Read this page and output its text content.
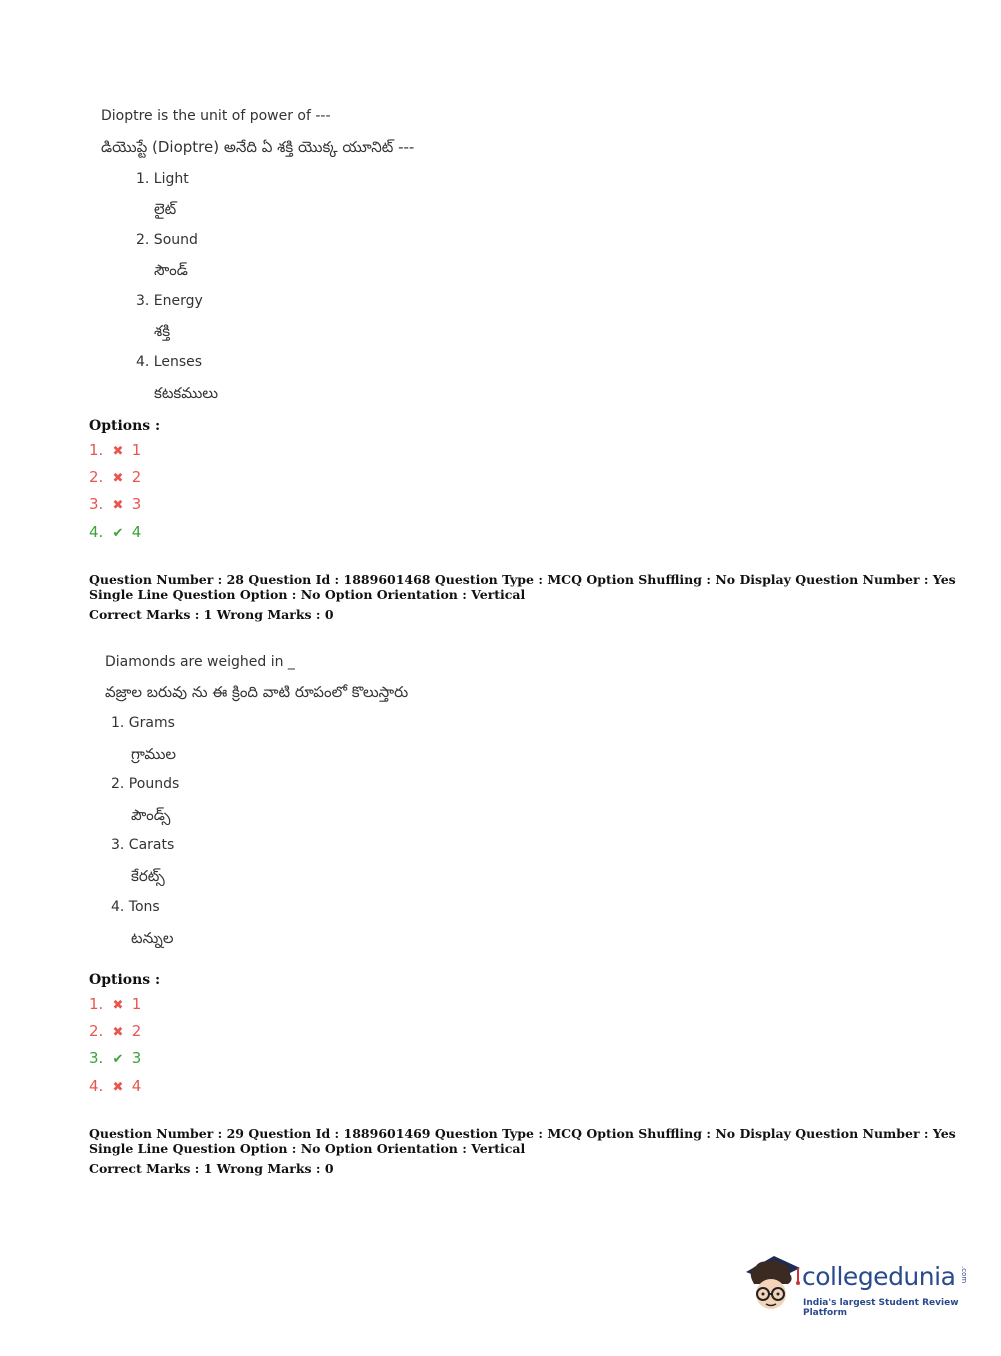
Dioptre is the unit of power of ---
డియొప్టే (Dioptre) అనేది ఏ శక్తి యొక్క యూనిట్ ---
1. Light
లైట్
2. Sound
సౌండ్
3. Energy
శక్తి
4. Lenses
కటకములు
Options :
1. ✖ 1
2. ✖ 2
3. ✖ 3
4. ✔ 4
Question Number : 28 Question Id : 1889601468 Question Type : MCQ Option Shuffling : No Display Question Number : Yes
Single Line Question Option : No Option Orientation : Vertical
Correct Marks : 1 Wrong Marks : 0
Diamonds are weighed in _
వజ్రాల బరువు ను ఈ క్రింది వాటి రూపంలో కొలుస్తారు
1. Grams
గ్రాముల
2. Pounds
పౌండ్స్
3. Carats
కేరట్స్
4. Tons
టన్నుల
Options :
1. ✖ 1
2. ✖ 2
3. ✔ 3
4. ✖ 4
Question Number : 29 Question Id : 1889601469 Question Type : MCQ Option Shuffling : No Display Question Number : Yes
Single Line Question Option : No Option Orientation : Vertical
Correct Marks : 1 Wrong Marks : 0
collegedunia .com
India's largest Student Review Platform
